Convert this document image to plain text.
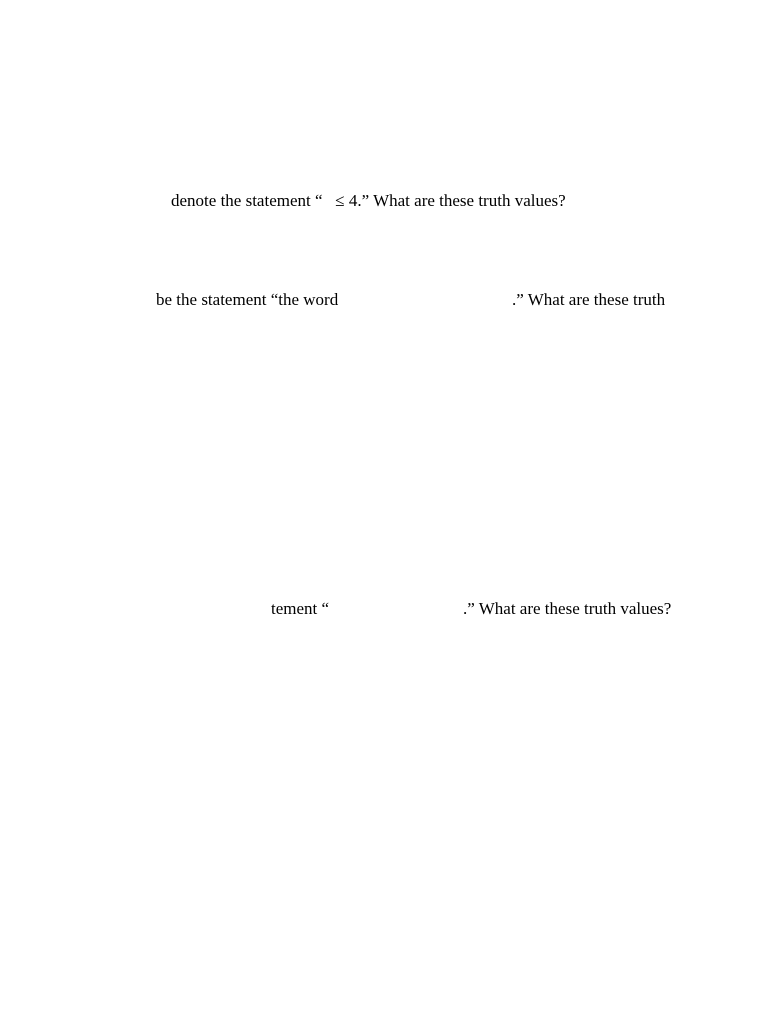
denote the statement “   ≤ 4.” What are these truth values?

be the statement “the word	.” What are these truth

tement “	.” What are these truth values?
